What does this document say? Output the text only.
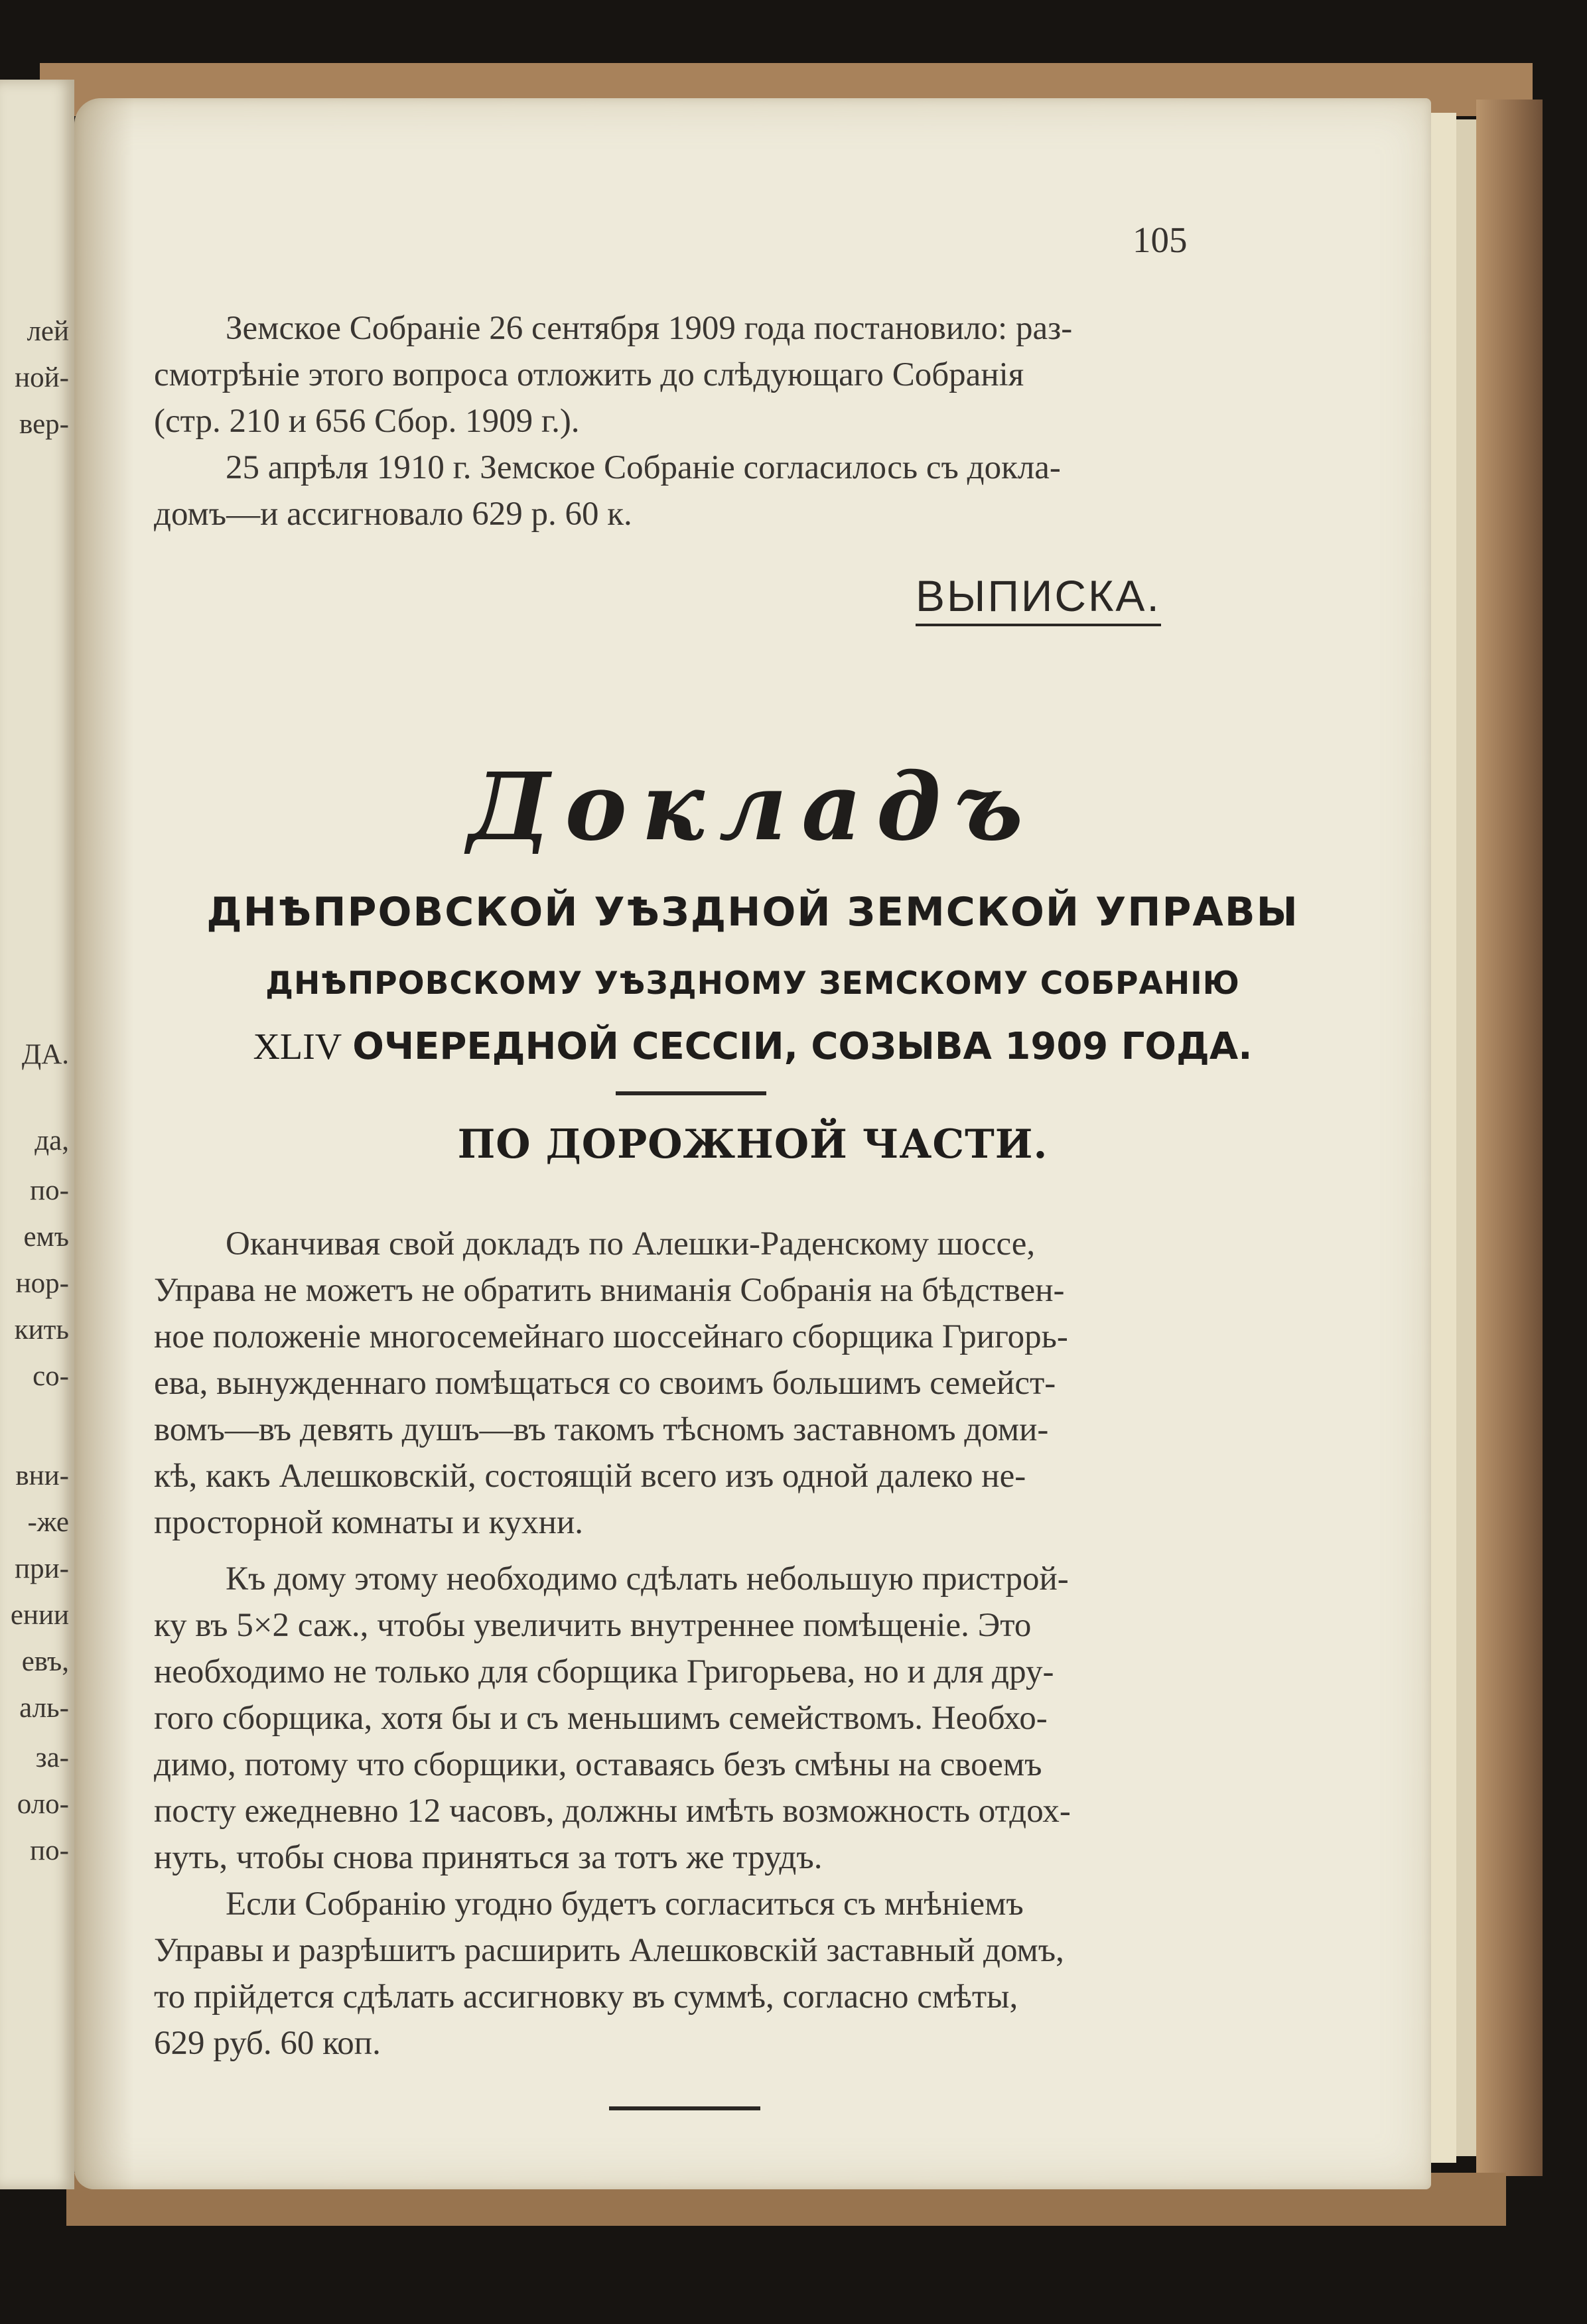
лей
ной-
вер-
ДА.
да,
по-
емъ
нор-
кить
со-
вни-
-же
при-
ении
евъ,
аль-
за-
оло-
по-
105
Земское Собраніе 26 сентября 1909 года постановило: раз-
смотрѣніе этого вопроса отложить до слѣдующаго Собранія
(стр. 210 и 656 Сбор. 1909 г.).
25 апрѣля 1910 г. Земское Собраніе согласилось съ докла-
домъ—и ассигновало 629 р. 60 к.
ВЫПИСКА.
Докладъ
ДНѢПРОВСКОЙ УѢЗДНОЙ ЗЕМСКОЙ УПРАВЫ
ДНѢПРОВСКОМУ УѢЗДНОМУ ЗЕМСКОМУ СОБРАНІЮ
XLIV ОЧЕРЕДНОЙ СЕССІИ, СОЗЫВА 1909 ГОДА.
ПО ДОРОЖНОЙ ЧАСТИ.
Оканчивая свой докладъ по Алешки-Раденскому шоссе,
Управа не можетъ не обратить вниманія Собранія на бѣдствен-
ное положеніе многосемейнаго шоссейнаго сборщика Григорь-
ева, вынужденнаго помѣщаться со своимъ большимъ семейст-
вомъ—въ девять душъ—въ такомъ тѣсномъ заставномъ доми-
кѣ, какъ Алешковскій, состоящій всего изъ одной далеко не-
просторной комнаты и кухни.
Къ дому этому необходимо сдѣлать небольшую пристрой-
ку въ 5×2 саж., чтобы увеличить внутреннее помѣщеніе. Это
необходимо не только для сборщика Григорьева, но и для дру-
гого сборщика, хотя бы и съ меньшимъ семействомъ. Необхо-
димо, потому что сборщики, оставаясь безъ смѣны на своемъ
посту ежедневно 12 часовъ, должны имѣть возможность отдох-
нуть, чтобы снова приняться за тотъ же трудъ.
Если Собранію угодно будетъ согласиться съ мнѣніемъ
Управы и разрѣшитъ расширить Алешковскій заставный домъ,
то прійдется сдѣлать ассигновку въ суммѣ, согласно смѣты,
629 руб. 60 коп.
